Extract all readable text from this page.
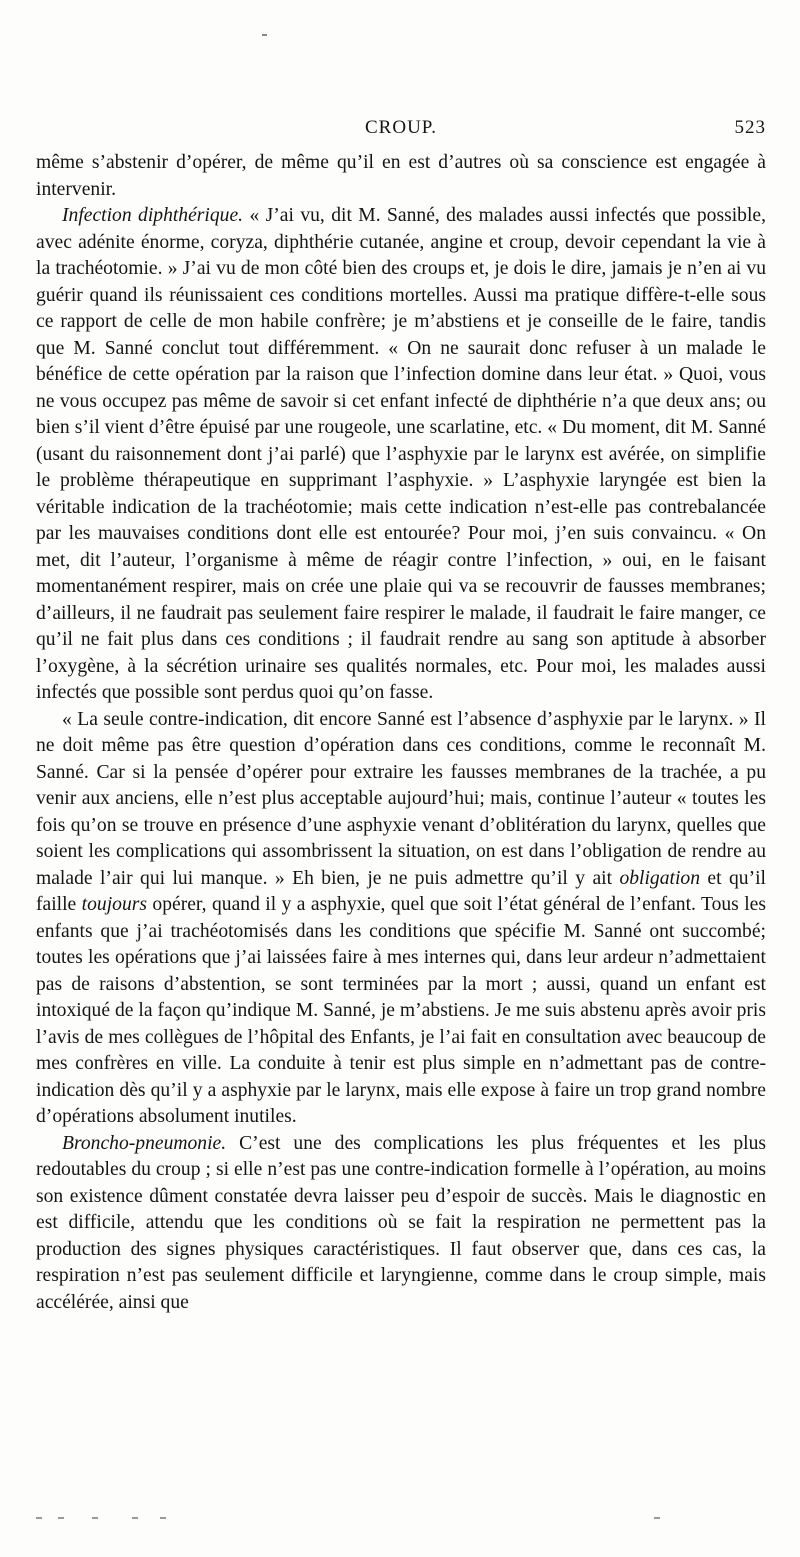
CROUP.	523

même s’abstenir d’opérer, de même qu’il en est d’autres où sa conscience est engagée à intervenir.

Infection diphthérique. « J’ai vu, dit M. Sanné, des malades aussi infectés que possible, avec adénite énorme, coryza, diphthérie cutanée, angine et croup, devoir cependant la vie à la trachéotomie. » J’ai vu de mon côté bien des croups et, je dois le dire, jamais je n’en ai vu guérir quand ils réunissaient ces conditions mortelles. Aussi ma pratique diffère-t-elle sous ce rapport de celle de mon habile confrère; je m’abstiens et je conseille de le faire, tandis que M. Sanné conclut tout différemment. « On ne saurait donc refuser à un malade le bénéfice de cette opération par la raison que l’infection domine dans leur état. » Quoi, vous ne vous occupez pas même de savoir si cet enfant infecté de diphthérie n’a que deux ans; ou bien s’il vient d’être épuisé par une rougeole, une scarlatine, etc. « Du moment, dit M. Sanné (usant du raisonnement dont j’ai parlé) que l’asphyxie par le larynx est avérée, on simplifie le problème thérapeutique en supprimant l’asphyxie. » L’asphyxie laryngée est bien la véritable indication de la trachéotomie; mais cette indication n’est-elle pas contrebalancée par les mauvaises conditions dont elle est entourée? Pour moi, j’en suis convaincu. « On met, dit l’auteur, l’organisme à même de réagir contre l’infection, » oui, en le faisant momentanément respirer, mais on crée une plaie qui va se recouvrir de fausses membranes; d’ailleurs, il ne faudrait pas seulement faire respirer le malade, il faudrait le faire manger, ce qu’il ne fait plus dans ces conditions ; il faudrait rendre au sang son aptitude à absorber l’oxygène, à la sécrétion urinaire ses qualités normales, etc. Pour moi, les malades aussi infectés que possible sont perdus quoi qu’on fasse.

« La seule contre-indication, dit encore Sanné est l’absence d’asphyxie par le larynx. » Il ne doit même pas être question d’opération dans ces conditions, comme le reconnaît M. Sanné. Car si la pensée d’opérer pour extraire les fausses membranes de la trachée, a pu venir aux anciens, elle n’est plus acceptable aujourd’hui; mais, continue l’auteur « toutes les fois qu’on se trouve en présence d’une asphyxie venant d’oblitération du larynx, quelles que soient les complications qui assombrissent la situation, on est dans l’obligation de rendre au malade l’air qui lui manque. » Eh bien, je ne puis admettre qu’il y ait obligation et qu’il faille toujours opérer, quand il y a asphyxie, quel que soit l’état général de l’enfant. Tous les enfants que j’ai trachéotomisés dans les conditions que spécifie M. Sanné ont succombé; toutes les opérations que j’ai laissées faire à mes internes qui, dans leur ardeur n’admettaient pas de raisons d’abstention, se sont terminées par la mort ; aussi, quand un enfant est intoxiqué de la façon qu’indique M. Sanné, je m’abstiens. Je me suis abstenu après avoir pris l’avis de mes collègues de l’hôpital des Enfants, je l’ai fait en consultation avec beaucoup de mes confrères en ville. La conduite à tenir est plus simple en n’admettant pas de contre-indication dès qu’il y a asphyxie par le larynx, mais elle expose à faire un trop grand nombre d’opérations absolument inutiles.

Broncho-pneumonie. C’est une des complications les plus fréquentes et les plus redoutables du croup ; si elle n’est pas une contre-indication formelle à l’opération, au moins son existence dûment constatée devra laisser peu d’espoir de succès. Mais le diagnostic en est difficile, attendu que les conditions où se fait la respiration ne permettent pas la production des signes physiques caractéristiques. Il faut observer que, dans ces cas, la respiration n’est pas seulement difficile et laryngienne, comme dans le croup simple, mais accélérée, ainsi que
